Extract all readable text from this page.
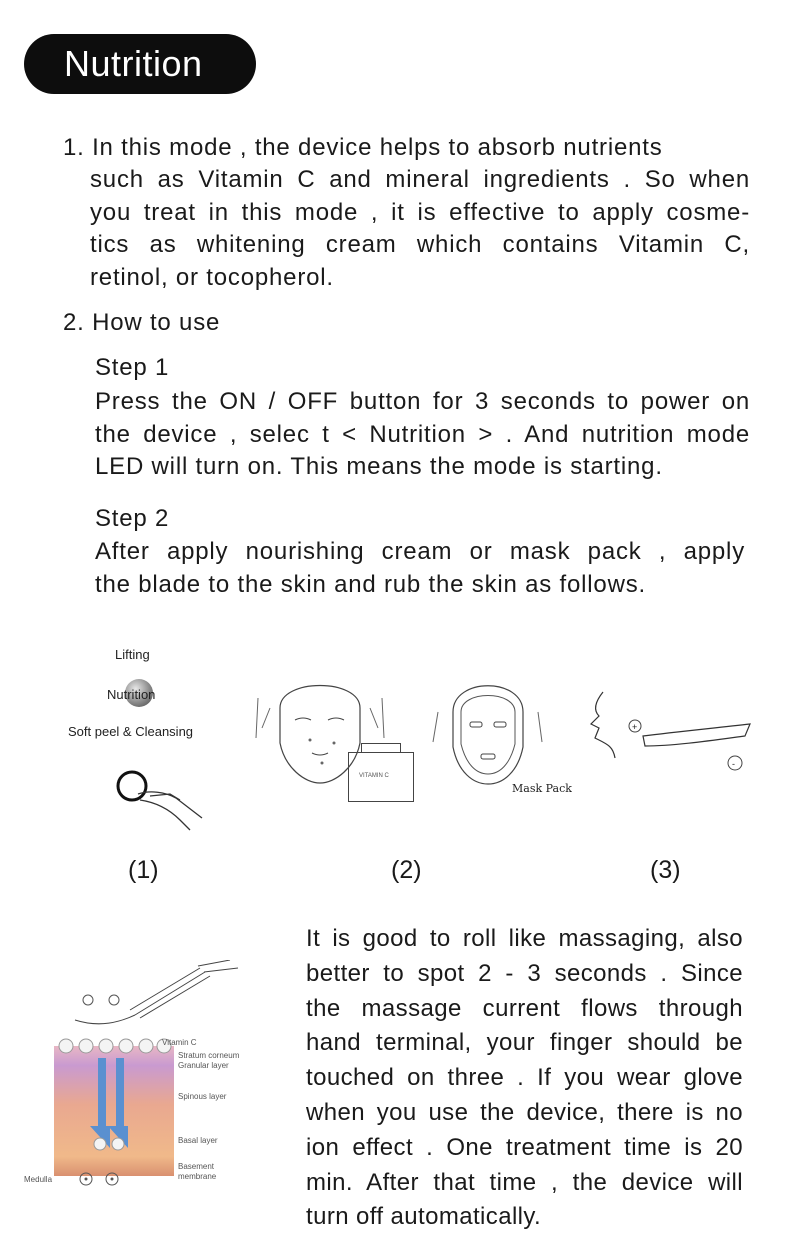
Nutrition
1. In this mode , the device helps to absorb nutrients
such as Vitamin C and mineral ingredients . So when
you treat in this mode , it is effective to apply cosme-
tics as whitening cream which contains Vitamin C,
retinol, or tocopherol.
2. How to use
Step 1
Press the ON / OFF button for 3 seconds to power on
the device , selec t < Nutrition > . And nutrition mode
LED will turn on. This means the mode is starting.
Step 2
After apply nourishing cream or mask pack , apply
the blade to the skin and rub the skin as follows.
Lifting
Nutrition
Soft peel & Cleansing
VITAMIN C
Mask Pack
+
-
(1)	(2)	(3)
Vitamin C
Stratum corneum
Granular layer
Spinous layer
Basal layer
Basement
membrane
Medulla
It is good to roll like massaging, also
better to spot 2 - 3 seconds . Since
the massage current flows through
hand terminal, your finger should be
touched on three . If you wear glove
when you use the device, there is no
ion effect . One treatment time is 20
min. After that time , the device will
turn off automatically.
